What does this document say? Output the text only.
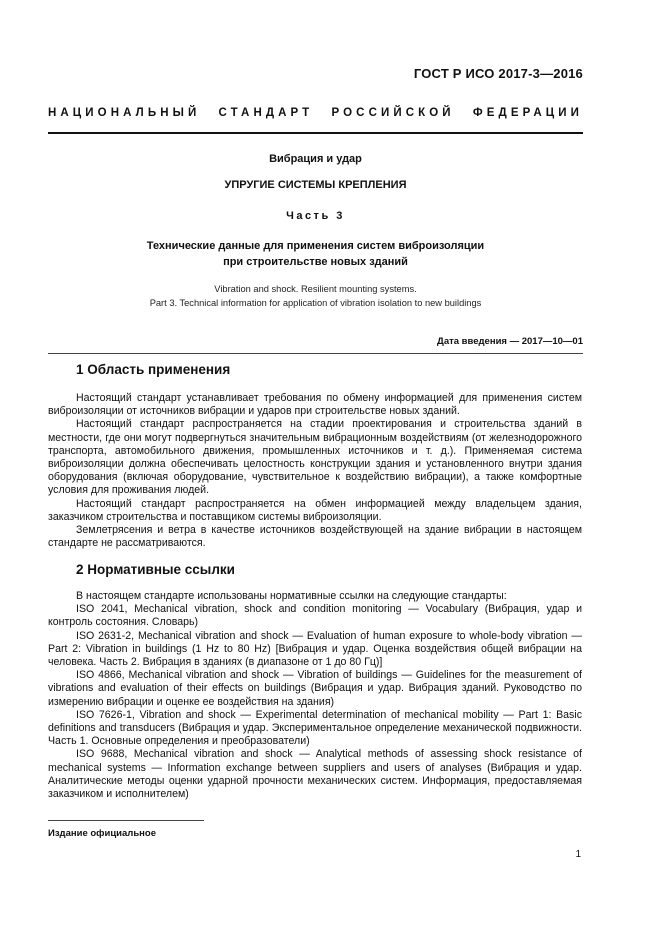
ГОСТ Р ИСО 2017-3—2016
НАЦИОНАЛЬНЫЙ СТАНДАРТ РОССИЙСКОЙ ФЕДЕРАЦИИ
Вибрация и удар
УПРУГИЕ СИСТЕМЫ КРЕПЛЕНИЯ
Часть 3
Технические данные для применения систем виброизоляции
при строительстве новых зданий
Vibration and shock. Resilient mounting systems.
Part 3. Technical information for application of vibration isolation to new buildings
Дата введения — 2017—10—01
1 Область применения

Настоящий стандарт устанавливает требования по обмену информацией для применения систем виброизоляции от источников вибрации и ударов при строительстве новых зданий.

Настоящий стандарт распространяется на стадии проектирования и строительства зданий в местности, где они могут подвергнуться значительным вибрационным воздействиям (от железнодорожного транспорта, автомобильного движения, промышленных источников и т. д.). Применяемая система виброизоляции должна обеспечивать целостность конструкции здания и установленного внутри здания оборудования (включая оборудование, чувствительное к воздействию вибрации), а также комфортные условия для проживания людей.

Настоящий стандарт распространяется на обмен информацией между владельцем здания, заказчиком строительства и поставщиком системы виброизоляции.

Землетрясения и ветра в качестве источников воздействующей на здание вибрации в настоящем стандарте не рассматриваются.

2 Нормативные ссылки

В настоящем стандарте использованы нормативные ссылки на следующие стандарты:

ISO 2041, Mechanical vibration, shock and condition monitoring — Vocabulary (Вибрация, удар и контроль состояния. Словарь)

ISO 2631-2, Mechanical vibration and shock — Evaluation of human exposure to whole-body vibration — Part 2: Vibration in buildings (1 Hz to 80 Hz) [Вибрация и удар. Оценка воздействия общей вибрации на человека. Часть 2. Вибрация в зданиях (в диапазоне от 1 до 80 Гц)]

ISO 4866, Mechanical vibration and shock — Vibration of buildings — Guidelines for the measurement of vibrations and evaluation of their effects on buildings (Вибрация и удар. Вибрация зданий. Руководство по измерению вибрации и оценке ее воздействия на здания)

ISO 7626-1, Vibration and shock — Experimental determination of mechanical mobility — Part 1: Basic definitions and transducers (Вибрация и удар. Экспериментальное определение механической подвижности. Часть 1. Основные определения и преобразователи)

ISO 9688, Mechanical vibration and shock — Analytical methods of assessing shock resistance of mechanical systems — Information exchange between suppliers and users of analyses (Вибрация и удар. Аналитические методы оценки ударной прочности механических систем. Информация, предоставляемая заказчиком и исполнителем)

Издание официальное
1
